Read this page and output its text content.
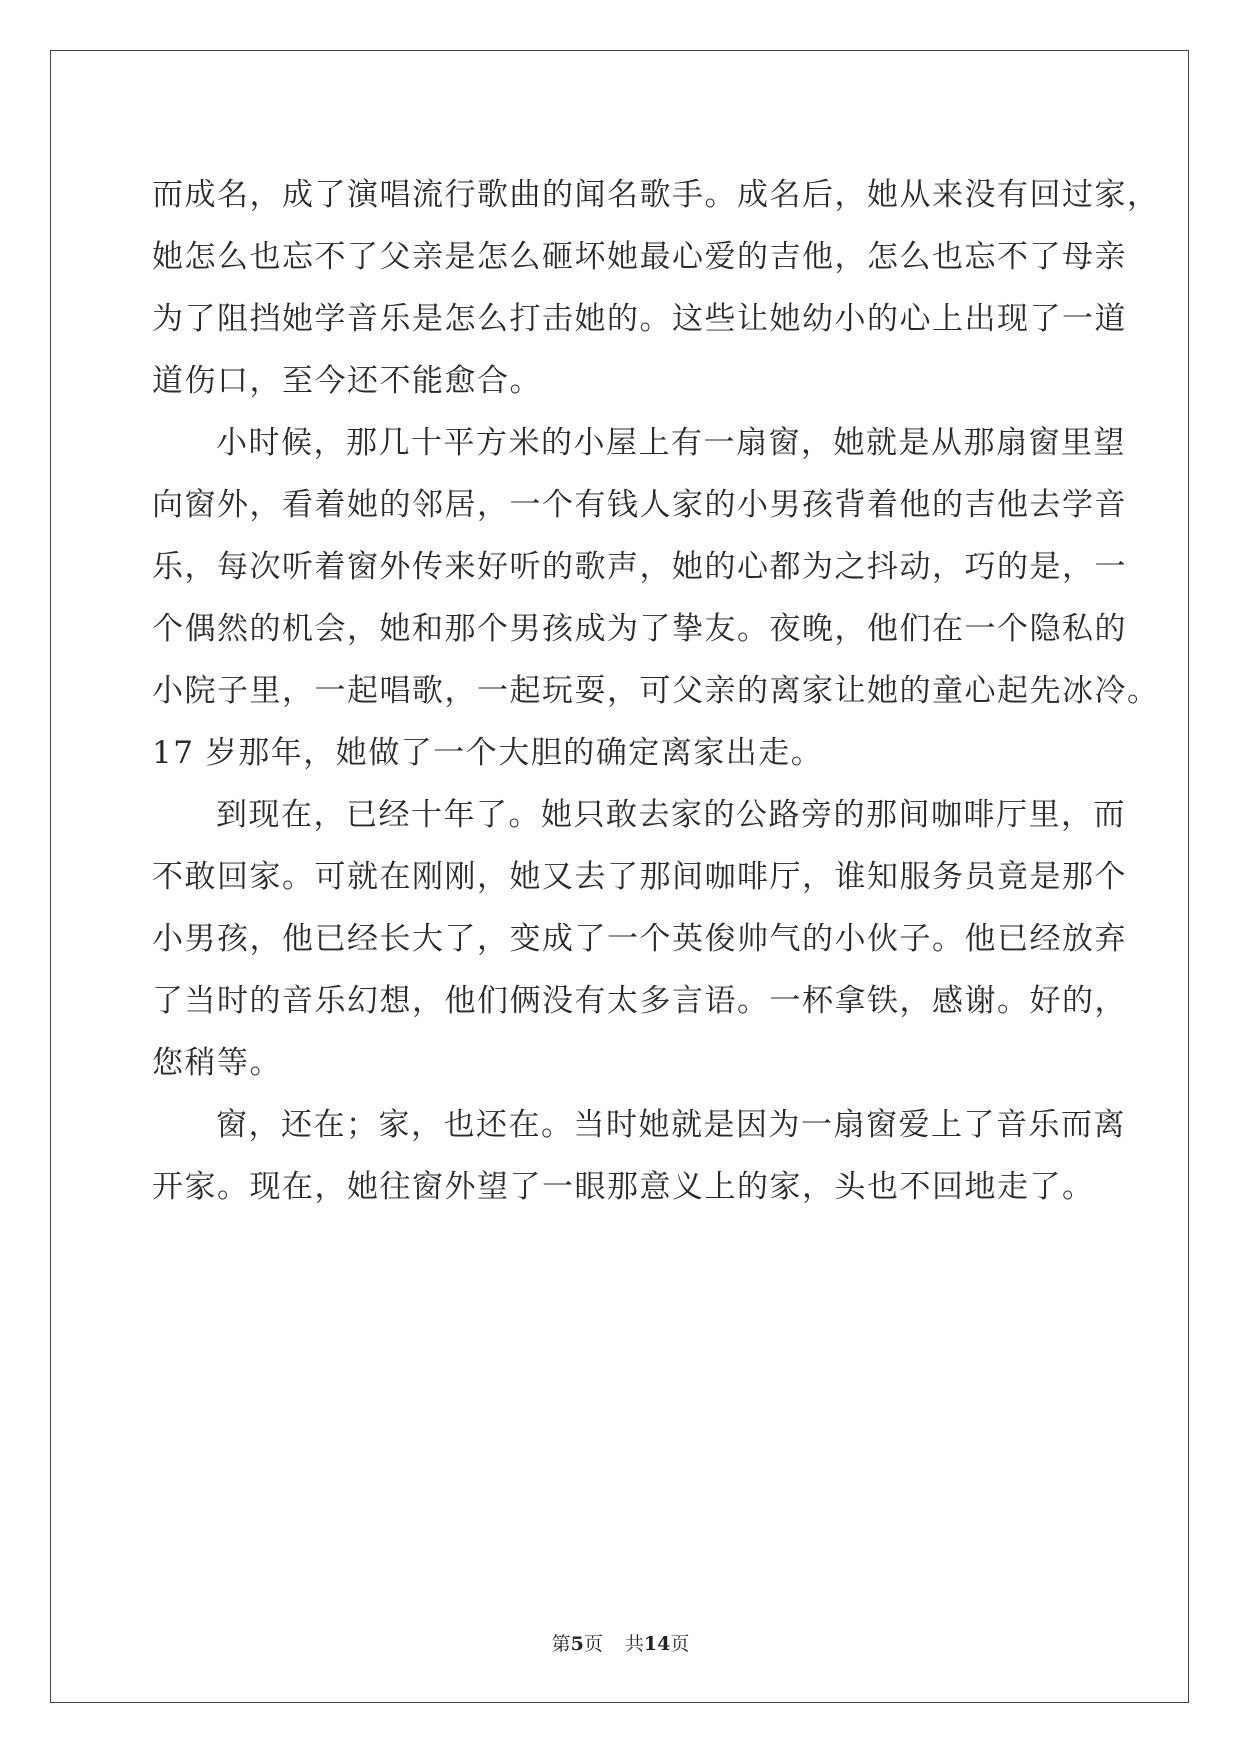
而成名，成了演唱流行歌曲的闻名歌手。成名后，她从来没有回过家，
她怎么也忘不了父亲是怎么砸坏她最心爱的吉他，怎么也忘不了母亲
为了阻挡她学音乐是怎么打击她的。这些让她幼小的心上出现了一道
道伤口，至今还不能愈合。
小时候，那几十平方米的小屋上有一扇窗，她就是从那扇窗里望
向窗外，看着她的邻居，一个有钱人家的小男孩背着他的吉他去学音
乐，每次听着窗外传来好听的歌声，她的心都为之抖动，巧的是，一
个偶然的机会，她和那个男孩成为了挚友。夜晚，他们在一个隐私的
小院子里，一起唱歌，一起玩耍，可父亲的离家让她的童心起先冰冷。
17 岁那年，她做了一个大胆的确定离家出走。
到现在，已经十年了。她只敢去家的公路旁的那间咖啡厅里，而
不敢回家。可就在刚刚，她又去了那间咖啡厅，谁知服务员竟是那个
小男孩，他已经长大了，变成了一个英俊帅气的小伙子。他已经放弃
了当时的音乐幻想，他们俩没有太多言语。一杯拿铁，感谢。好的，
您稍等。
窗，还在；家，也还在。当时她就是因为一扇窗爱上了音乐而离
开家。现在，她往窗外望了一眼那意义上的家，头也不回地走了。
第5页 共14页
